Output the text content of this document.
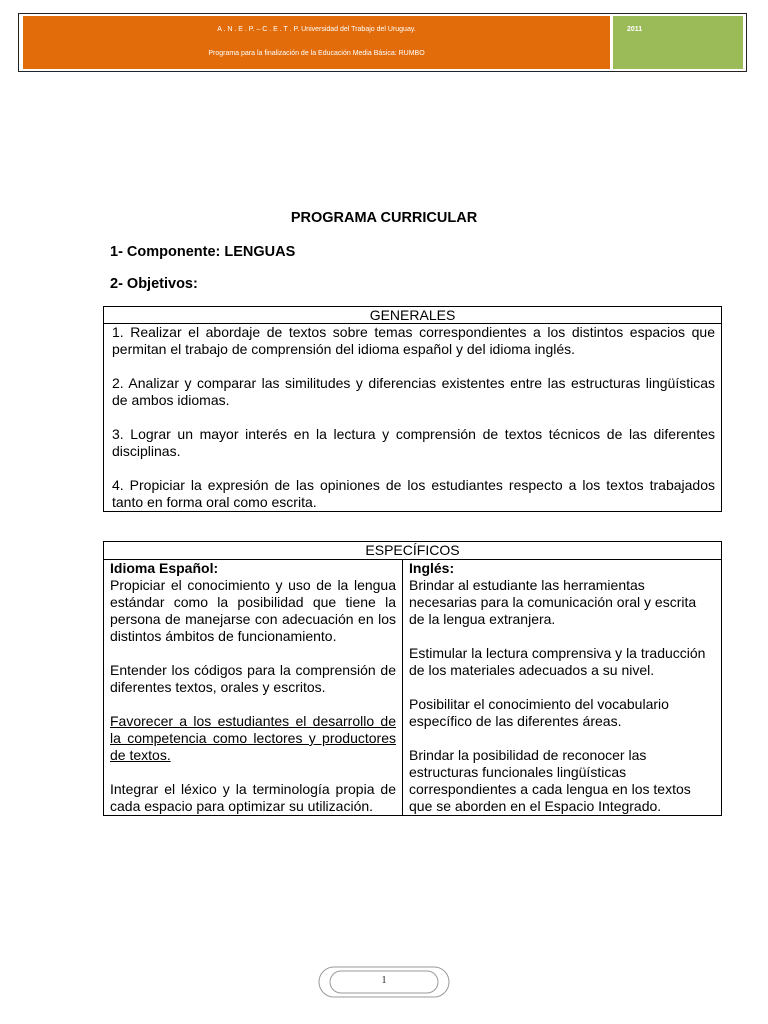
A . N . E . P. – C . E . T . P. Universidad del Trabajo del Uruguay.
Programa para la finalización de la Educación Media Básica: RUMBO
2011
PROGRAMA CURRICULAR
1- Componente: LENGUAS
2- Objetivos:
GENERALES

1. Realizar el abordaje de textos sobre temas correspondientes a los distintos espacios que permitan el trabajo de comprensión del idioma español y del idioma inglés.

2. Analizar y comparar las similitudes y diferencias existentes entre las estructuras lingüísticas de ambos idiomas.

3. Lograr un mayor interés en la lectura y comprensión de textos técnicos de las diferentes disciplinas.

4. Propiciar la expresión de las opiniones de los estudiantes respecto a los textos trabajados tanto en forma oral como escrita.

ESPECÍFICOS

Idioma Español:

Propiciar el conocimiento y uso de la lengua estándar como la posibilidad que tiene la persona de manejarse con adecuación en los distintos ámbitos de funcionamiento.

Entender los códigos para la comprensión de diferentes textos, orales y escritos.

Favorecer a los estudiantes el desarrollo de la competencia como lectores y productores de textos.

Integrar el léxico y la terminología propia de cada espacio para optimizar su utilización.

Inglés:

Brindar al estudiante las herramientas necesarias para la comunicación oral y escrita de la lengua extranjera.

Estimular la lectura comprensiva y la traducción de los materiales adecuados a su nivel.

Posibilitar el conocimiento del vocabulario específico de las diferentes áreas.

Brindar la posibilidad de reconocer las estructuras funcionales lingüísticas correspondientes a cada lengua en los textos que se aborden en el Espacio Integrado.

1
